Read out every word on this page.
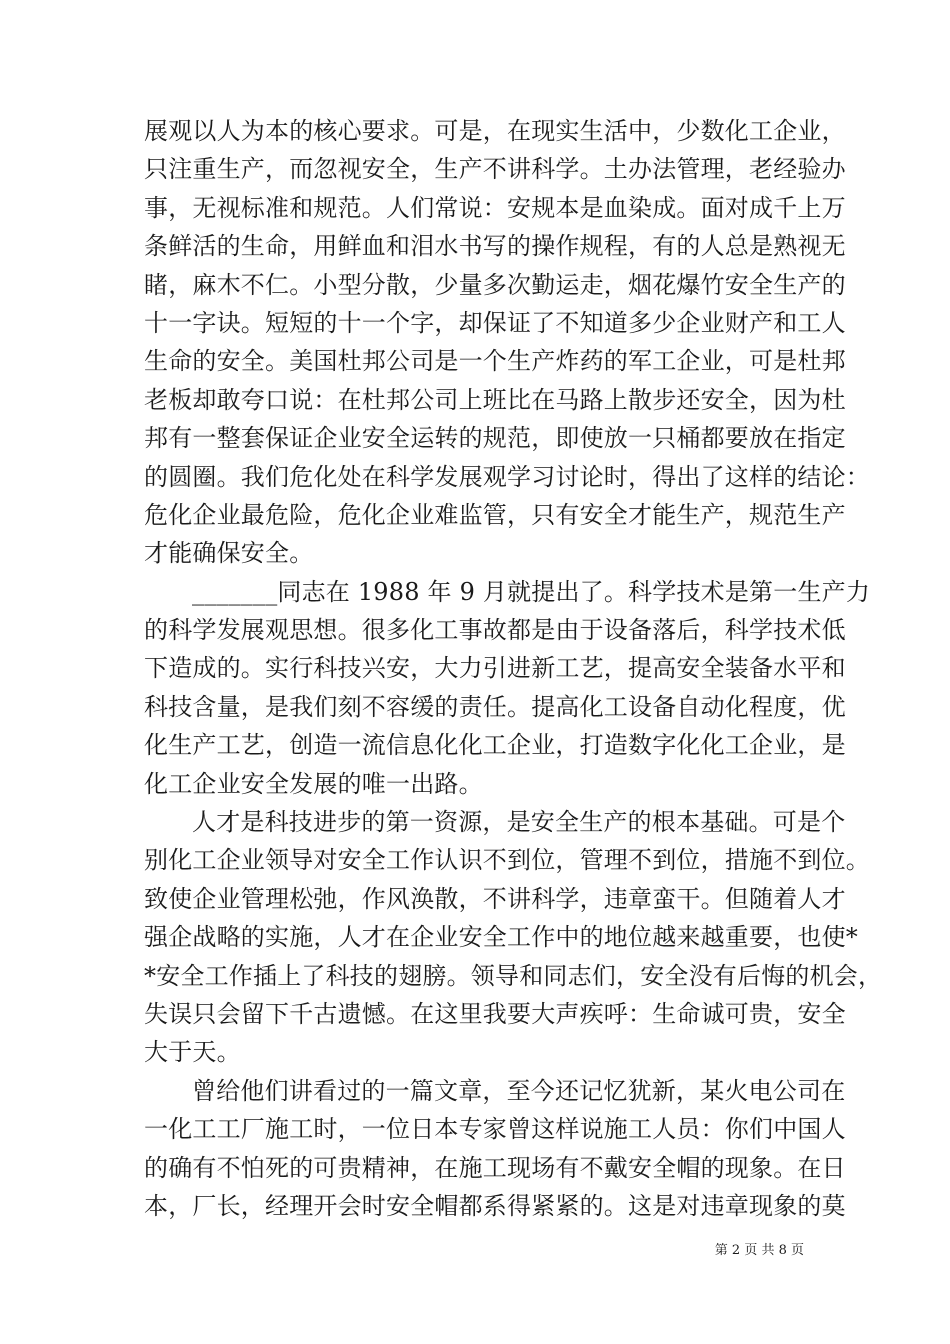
展观以人为本的核心要求。可是，在现实生活中，少数化工企业，
只注重生产，而忽视安全，生产不讲科学。土办法管理，老经验办
事，无视标准和规范。人们常说：安规本是血染成。面对成千上万
条鲜活的生命，用鲜血和泪水书写的操作规程，有的人总是熟视无
睹，麻木不仁。小型分散，少量多次勤运走，烟花爆竹安全生产的
十一字诀。短短的十一个字，却保证了不知道多少企业财产和工人
生命的安全。美国杜邦公司是一个生产炸药的军工企业，可是杜邦
老板却敢夸口说：在杜邦公司上班比在马路上散步还安全，因为杜
邦有一整套保证企业安全运转的规范，即使放一只桶都要放在指定
的圆圈。我们危化处在科学发展观学习讨论时，得出了这样的结论：
危化企业最危险，危化企业难监管，只有安全才能生产，规范生产
才能确保安全。
_______同志在 1988 年 9 月就提出了。科学技术是第一生产力
的科学发展观思想。很多化工事故都是由于设备落后，科学技术低
下造成的。实行科技兴安，大力引进新工艺，提高安全装备水平和
科技含量，是我们刻不容缓的责任。提高化工设备自动化程度，优
化生产工艺，创造一流信息化化工企业，打造数字化化工企业，是
化工企业安全发展的唯一出路。
人才是科技进步的第一资源，是安全生产的根本基础。可是个
别化工企业领导对安全工作认识不到位，管理不到位，措施不到位。
致使企业管理松弛，作风涣散，不讲科学，违章蛮干。但随着人才
强企战略的实施，人才在企业安全工作中的地位越来越重要，也使*
*安全工作插上了科技的翅膀。领导和同志们，安全没有后悔的机会，
失误只会留下千古遗憾。在这里我要大声疾呼：生命诚可贵，安全
大于天。
曾给他们讲看过的一篇文章，至今还记忆犹新，某火电公司在
一化工工厂施工时，一位日本专家曾这样说施工人员：你们中国人
的确有不怕死的可贵精神，在施工现场有不戴安全帽的现象。在日
本，厂长，经理开会时安全帽都系得紧紧的。这是对违章现象的莫
第 2 页 共 8 页
